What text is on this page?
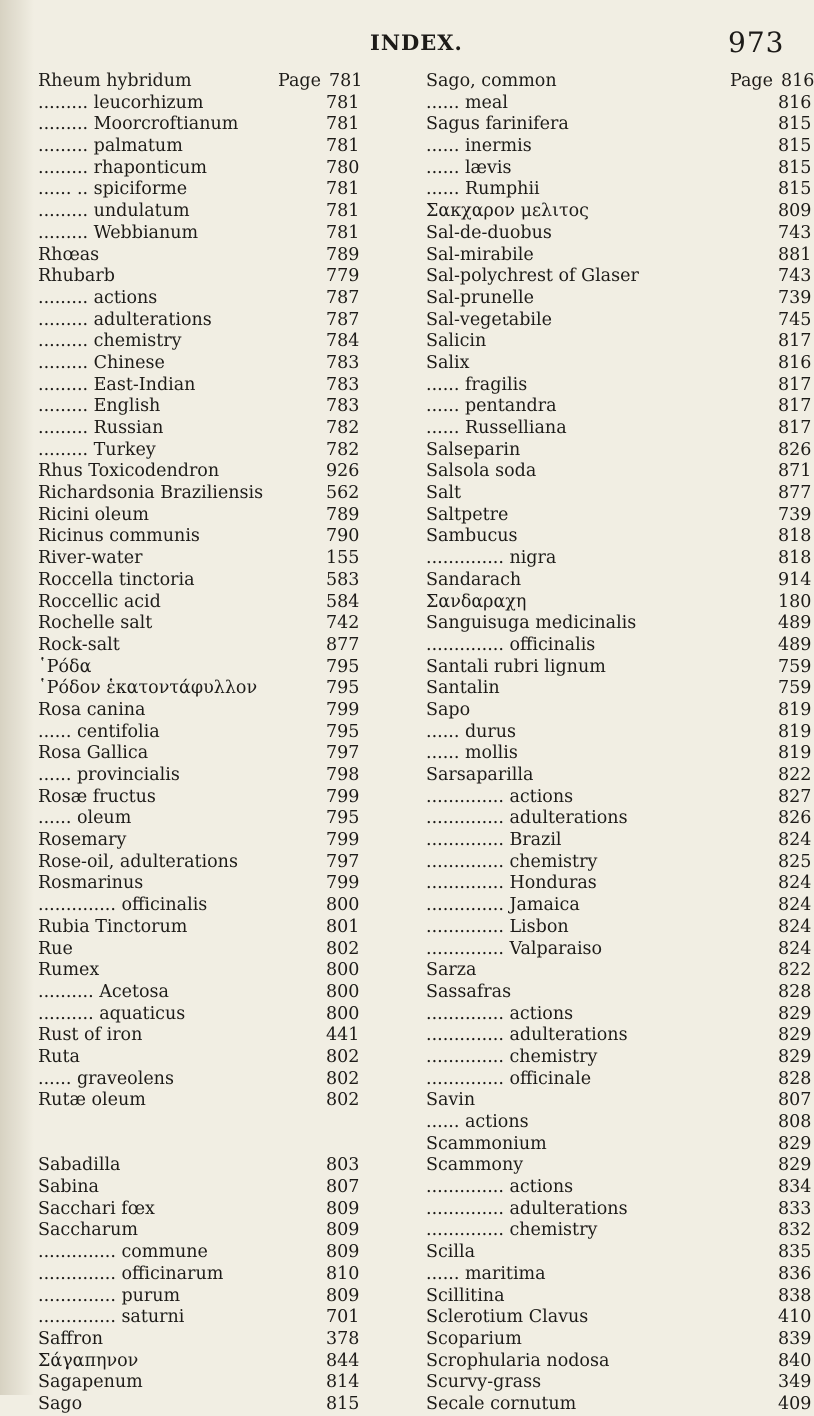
INDEX.	973
Rheum hybridum	Page 781
......... leucorhizum	781
......... Moorcroftianum	781
......... palmatum	781
......... rhaponticum	780
...... .. spiciforme	781
......... undulatum	781
......... Webbianum	781
Rhœas	789
Rhubarb	779
......... actions	787
......... adulterations	787
......... chemistry	784
......... Chinese	783
......... East-Indian	783
......... English	783
......... Russian	782
......... Turkey	782
Rhus Toxicodendron	926
Richardsonia Braziliensis	562
Ricini oleum	789
Ricinus communis	790
River-water	155
Roccella tinctoria	583
Roccellic acid	584
Rochelle salt	742
Rock-salt	877
῾Ρόδα	795
῾Ρόδον ἑκατοντάφυλλον	795
Rosa canina	799
...... centifolia	795
Rosa Gallica	797
...... provincialis	798
Rosæ fructus	799
...... oleum	795
Rosemary	799
Rose-oil, adulterations	797
Rosmarinus	799
.............. officinalis	800
Rubia Tinctorum	801
Rue	802
Rumex	800
.......... Acetosa	800
.......... aquaticus	800
Rust of iron	441
Ruta	802
...... graveolens	802
Rutæ oleum	802
Sabadilla	803
Sabina	807
Sacchari fœx	809
Saccharum	809
.............. commune	809
.............. officinarum	810
.............. purum	809
.............. saturni	701
Saffron	378
Σάγαπηνον	844
Sagapenum	814
Sago	815
Sago, common	Page 816
...... meal	816
Sagus farinifera	815
...... inermis	815
...... lævis	815
...... Rumphii	815
Σακχαρον μελιτος	809
Sal-de-duobus	743
Sal-mirabile	881
Sal-polychrest of Glaser	743
Sal-prunelle	739
Sal-vegetabile	745
Salicin	817
Salix	816
...... fragilis	817
...... pentandra	817
...... Russelliana	817
Salseparin	826
Salsola soda	871
Salt	877
Saltpetre	739
Sambucus	818
.............. nigra	818
Sandarach	914
Σανδαραχη	180
Sanguisuga medicinalis	489
.............. officinalis	489
Santali rubri lignum	759
Santalin	759
Sapo	819
...... durus	819
...... mollis	819
Sarsaparilla	822
.............. actions	827
.............. adulterations	826
.............. Brazil	824
.............. chemistry	825
.............. Honduras	824
.............. Jamaica	824
.............. Lisbon	824
.............. Valparaiso	824
Sarza	822
Sassafras	828
.............. actions	829
.............. adulterations	829
.............. chemistry	829
.............. officinale	828
Savin	807
...... actions	808
Scammonium	829
Scammony	829
.............. actions	834
.............. adulterations	833
.............. chemistry	832
Scilla	835
...... maritima	836
Scillitina	838
Sclerotium Clavus	410
Scoparium	839
Scrophularia nodosa	840
Scurvy-grass	349
Secale cornutum	409
